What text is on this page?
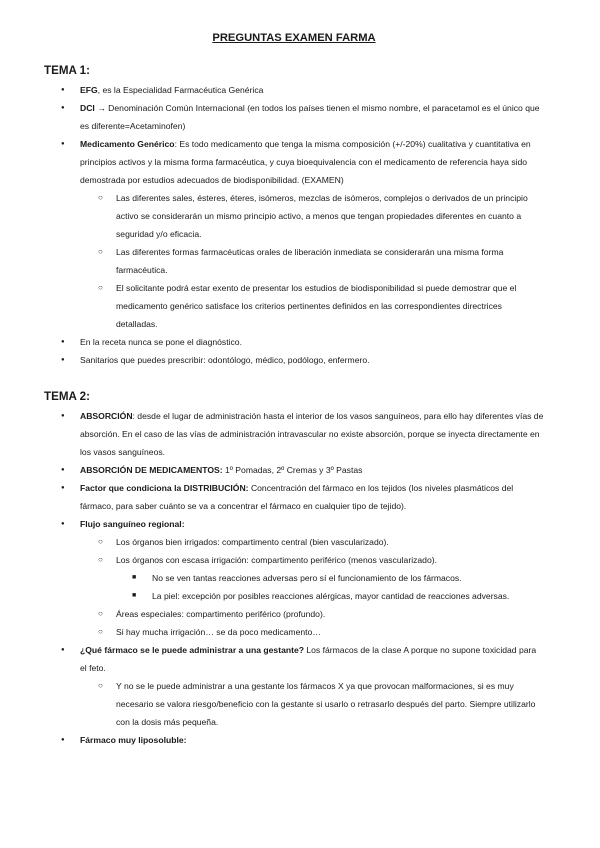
PREGUNTAS EXAMEN FARMA
TEMA 1:
● EFG, es la Especialidad Farmacéutica Genérica
● DCI → Denominación Común Internacional (en todos los países tienen el mismo nombre, el paracetamol es el único que es diferente=Acetaminofen)
● Medicamento Genérico: Es todo medicamento que tenga la misma composición (+/-20%) cualitativa y cuantitativa en principios activos y la misma forma farmacéutica, y cuya bioequivalencia con el medicamento de referencia haya sido demostrada por estudios adecuados de biodisponibilidad. (EXAMEN)
○ Las diferentes sales, ésteres, éteres, isómeros, mezclas de isómeros, complejos o derivados de un principio activo se considerarán un mismo principio activo, a menos que tengan propiedades diferentes en cuanto a seguridad y/o eficacia.
○ Las diferentes formas farmacéuticas orales de liberación inmediata se considerarán una misma forma farmacéutica.
○ El solicitante podrá estar exento de presentar los estudios de biodisponibilidad si puede demostrar que el medicamento genérico satisface los criterios pertinentes definidos en las correspondientes directrices detalladas.
● En la receta nunca se pone el diagnóstico.
● Sanitarios que puedes prescribir: odontólogo, médico, podólogo, enfermero.
TEMA 2:
● ABSORCIÓN: desde el lugar de administración hasta el interior de los vasos sanguíneos, para ello hay diferentes vías de absorción. En el caso de las vías de administración intravascular no existe absorción, porque se inyecta directamente en los vasos sanguíneos.
● ABSORCIÓN DE MEDICAMENTOS: 1º Pomadas, 2º Cremas y 3º Pastas
● Factor que condiciona la DISTRIBUCIÓN: Concentración del fármaco en los tejidos (los niveles plasmáticos del fármaco, para saber cuánto se va a concentrar el fármaco en cualquier tipo de tejido).
● Flujo sanguíneo regional:
○ Los órganos bien irrigados: compartimento central (bien vascularizado).
○ Los órganos con escasa irrigación: compartimento periférico (menos vascularizado).
■ No se ven tantas reacciones adversas pero sí el funcionamiento de los fármacos.
■ La piel: excepción por posibles reacciones alérgicas, mayor cantidad de reacciones adversas.
○ Áreas especiales: compartimento periférico (profundo).
○ Si hay mucha irrigación… se da poco medicamento…
● ¿Qué fármaco se le puede administrar a una gestante? Los fármacos de la clase A porque no supone toxicidad para el feto.
○ Y no se le puede administrar a una gestante los fármacos X ya que provocan malformaciones, si es muy necesario se valora riesgo/beneficio con la gestante si usarlo o retrasarlo después del parto. Siempre utilizarlo con la dosis más pequeña.
● Fármaco muy liposoluble:
